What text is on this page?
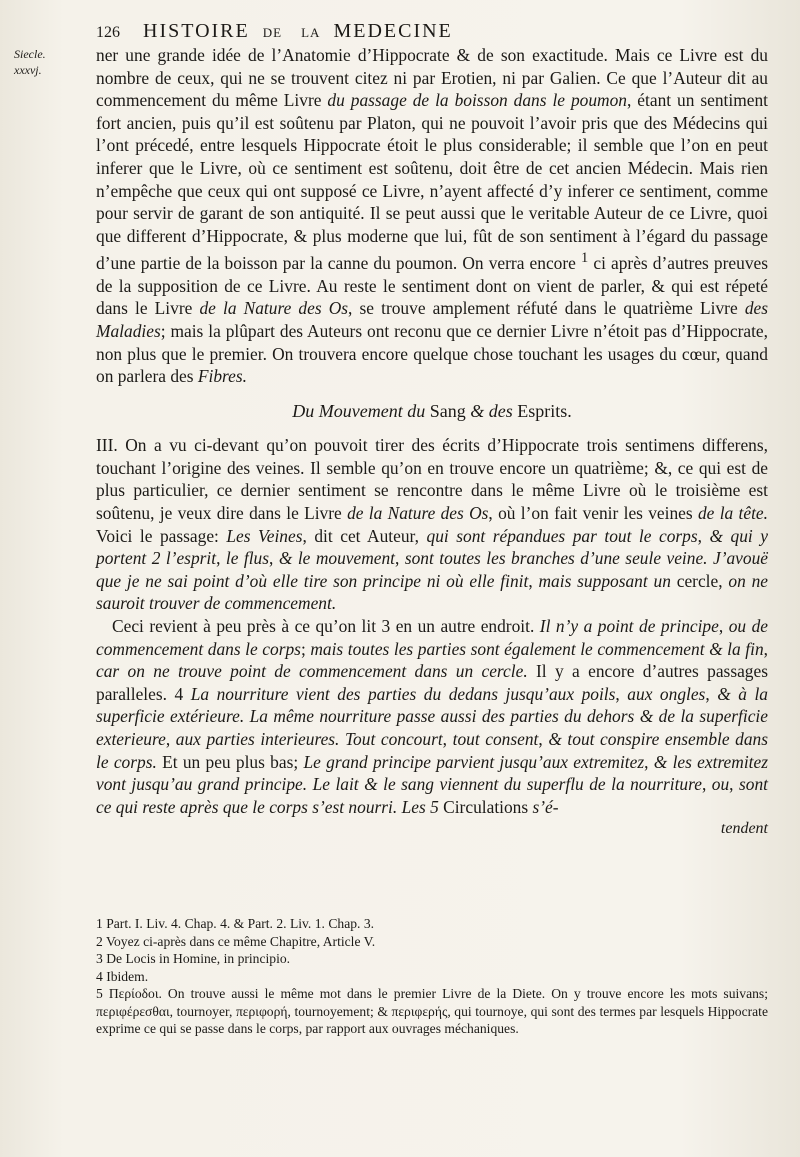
126 HISTOIRE DE LA MEDECINE
Siecle.
xxxvj.

ner une grande idée de l’Anatomie d’Hippocrate & de son exactitude. Mais ce Livre est du nombre de ceux, qui ne se trouvent citez ni par Erotien, ni par Galien. Ce que l’Auteur dit au commencement du même Livre du passage de la boisson dans le poumon, étant un sentiment fort ancien, puis qu’il est soûtenu par Platon, qui ne pouvoit l’avoir pris que des Médecins qui l’ont précedé, entre lesquels Hippocrate étoit le plus considerable; il semble que l’on en peut inferer que le Livre, où ce sentiment est soûtenu, doit être de cet ancien Médecin. Mais rien n’empêche que ceux qui ont supposé ce Livre, n’ayent affecté d’y inferer ce sentiment, comme pour servir de garant de son antiquité. Il se peut aussi que le veritable Auteur de ce Livre, quoi que different d’Hippocrate, & plus moderne que lui, fût de son sentiment à l’égard du passage d’une partie de la boisson par la canne du poumon. On verra encore $^1$ ci après d’autres preuves de la supposition de ce Livre. Au reste le sentiment dont on vient de parler, & qui est répeté dans le Livre de la Nature des Os, se trouve amplement réfuté dans le quatrième Livre des Maladies; mais la plûpart des Auteurs ont reconu que ce dernier Livre n’étoit pas d’Hippocrate, non plus que le premier. On trouvera encore quelque chose touchant les usages du cœur, quand on parlera des Fibres.

Du Mouvement du Sang & des Esprits.

III. On a vu ci-devant qu’on pouvoit tirer des écrits d’Hippocrate trois sentimens differens, touchant l’origine des veines. Il semble qu’on en trouve encore un quatrième; &, ce qui est de plus particulier, ce dernier sentiment se rencontre dans le même Livre où le troisième est soûtenu, je veux dire dans le Livre de la Nature des Os, où l’on fait venir les veines de la tête. Voici le passage: Les Veines, dit cet Auteur, qui sont répandues par tout le corps, & qui y portent 2 l’esprit, le flus, & le mouvement, sont toutes les branches d’une seule veine. J’avouë que je ne sai point d’où elle tire son principe ni où elle finit, mais supposant un cercle, on ne sauroit trouver de commencement.

Ceci revient à peu près à ce qu’on lit 3 en un autre endroit. Il n’y a point de principe, ou de commencement dans le corps; mais toutes les parties sont également le commencement & la fin, car on ne trouve point de commencement dans un cercle. Il y a encore d’autres passages paralleles. 4 La nourriture vient des parties du dedans jusqu’aux poils, aux ongles, & à la superficie extérieure. La même nourriture passe aussi des parties du dehors & de la superficie exterieure, aux parties interieures. Tout concourt, tout consent, & tout conspire ensemble dans le corps. Et un peu plus bas; Le grand principe parvient jusqu’aux extremitez, & les extremitez vont jusqu’au grand principe. Le lait & le sang viennent du superflu de la nourriture, ou, sont ce qui reste après que le corps s’est nourri. Les 5 Circulations s’é-

tendent
1 Part. I. Liv. 4. Chap. 4. & Part. 2. Liv. 1. Chap. 3.
2 Voyez ci-après dans ce même Chapitre, Article V.
3 De Locis in Homine, in principio.
4 Ibidem.
5 Περίοδοι. On trouve aussi le même mot dans le premier Livre de la Diete. On y trouve encore les mots suivans; περιφέρεσθαι, tournoyer, περιφορή, tournoyement; & περιφερής, qui tournoye, qui sont des termes par lesquels Hippocrate exprime ce qui se passe dans le corps, par rapport aux ouvrages méchaniques.
